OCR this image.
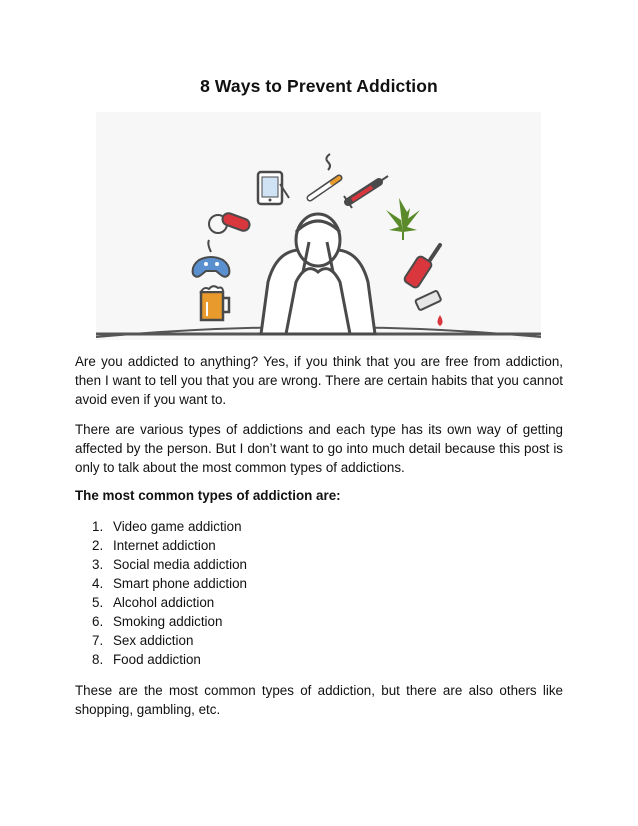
8 Ways to Prevent Addiction
Are you addicted to anything? Yes, if you think that you are free from addiction, then I want to tell you that you are wrong. There are certain habits that you cannot avoid even if you want to.
There are various types of addictions and each type has its own way of getting affected by the person. But I don’t want to go into much detail because this post is only to talk about the most common types of addictions.
The most common types of addiction are:
1. Video game addiction
2. Internet addiction
3. Social media addiction
4. Smart phone addiction
5. Alcohol addiction
6. Smoking addiction
7. Sex addiction
8. Food addiction
These are the most common types of addiction, but there are also others like shopping, gambling, etc.
